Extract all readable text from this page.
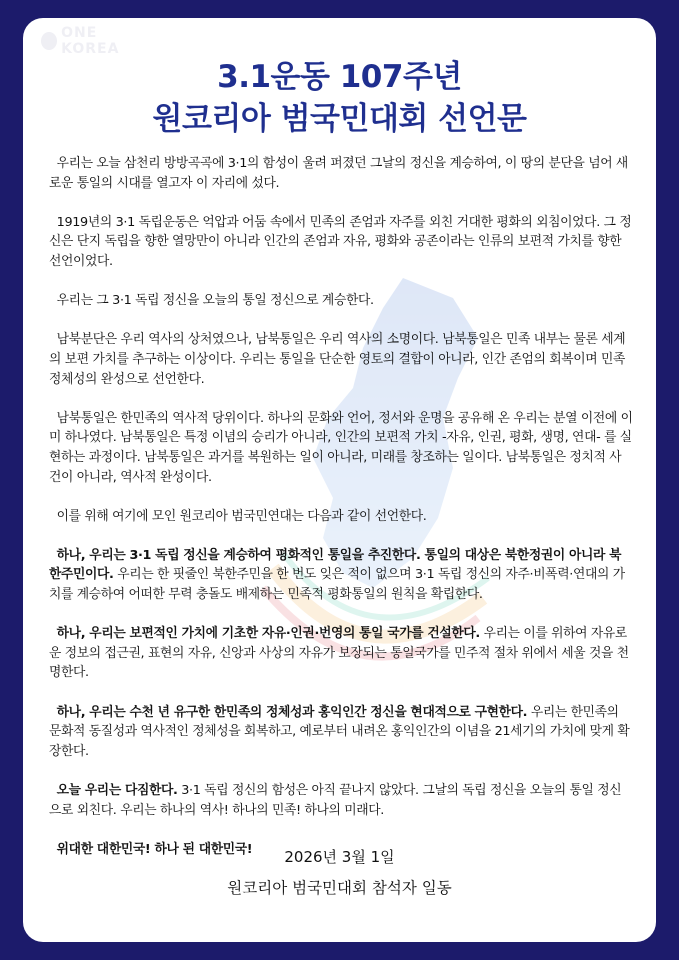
ONE KOREA
3.1운동 107주년
원코리아 범국민대회 선언문

우리는 오늘 삼천리 방방곡곡에 3·1의 함성이 울려 퍼졌던 그날의 정신을 계승하여, 이 땅의 분단을 넘어 새로운 통일의 시대를 열고자 이 자리에 섰다.

1919년의 3·1 독립운동은 억압과 어둠 속에서 민족의 존엄과 자주를 외친 거대한 평화의 외침이었다. 그 정신은 단지 독립을 향한 열망만이 아니라 인간의 존엄과 자유, 평화와 공존이라는 인류의 보편적 가치를 향한 선언이었다.

우리는 그 3·1 독립 정신을 오늘의 통일 정신으로 계승한다.

남북분단은 우리 역사의 상처였으나, 남북통일은 우리 역사의 소명이다. 남북통일은 민족 내부는 물론 세계의 보편 가치를 추구하는 이상이다. 우리는 통일을 단순한 영토의 결합이 아니라, 인간 존엄의 회복이며 민족 정체성의 완성으로 선언한다.

남북통일은 한민족의 역사적 당위이다. 하나의 문화와 언어, 정서와 운명을 공유해 온 우리는 분열 이전에 이미 하나였다. 남북통일은 특정 이념의 승리가 아니라, 인간의 보편적 가치 -자유, 인권, 평화, 생명, 연대- 를 실현하는 과정이다. 남북통일은 과거를 복원하는 일이 아니라, 미래를 창조하는 일이다. 남북통일은 정치적 사건이 아니라, 역사적 완성이다.

이를 위해 여기에 모인 원코리아 범국민연대는 다음과 같이 선언한다.

하나, 우리는 3·1 독립 정신을 계승하여 평화적인 통일을 추진한다. 통일의 대상은 북한정권이 아니라 북한주민이다. 우리는 한 핏줄인 북한주민을 한 번도 잊은 적이 없으며 3·1 독립 정신의 자주·비폭력·연대의 가치를 계승하여 어떠한 무력 충돌도 배제하는 민족적 평화통일의 원칙을 확립한다.

하나, 우리는 보편적인 가치에 기초한 자유·인권·번영의 통일 국가를 건설한다. 우리는 이를 위하여 자유로운 정보의 접근권, 표현의 자유, 신앙과 사상의 자유가 보장되는 통일국가를 민주적 절차 위에서 세울 것을 천명한다.

하나, 우리는 수천 년 유구한 한민족의 정체성과 홍익인간 정신을 현대적으로 구현한다. 우리는 한민족의 문화적 동질성과 역사적인 정체성을 회복하고, 예로부터 내려온 홍익인간의 이념을 21세기의 가치에 맞게 확장한다.

오늘 우리는 다짐한다. 3·1 독립 정신의 함성은 아직 끝나지 않았다. 그날의 독립 정신을 오늘의 통일 정신으로 외친다. 우리는 하나의 역사! 하나의 민족! 하나의 미래다.

위대한 대한민국! 하나 된 대한민국!	2026년 3월 1일
원코리아 범국민대회 참석자 일동
